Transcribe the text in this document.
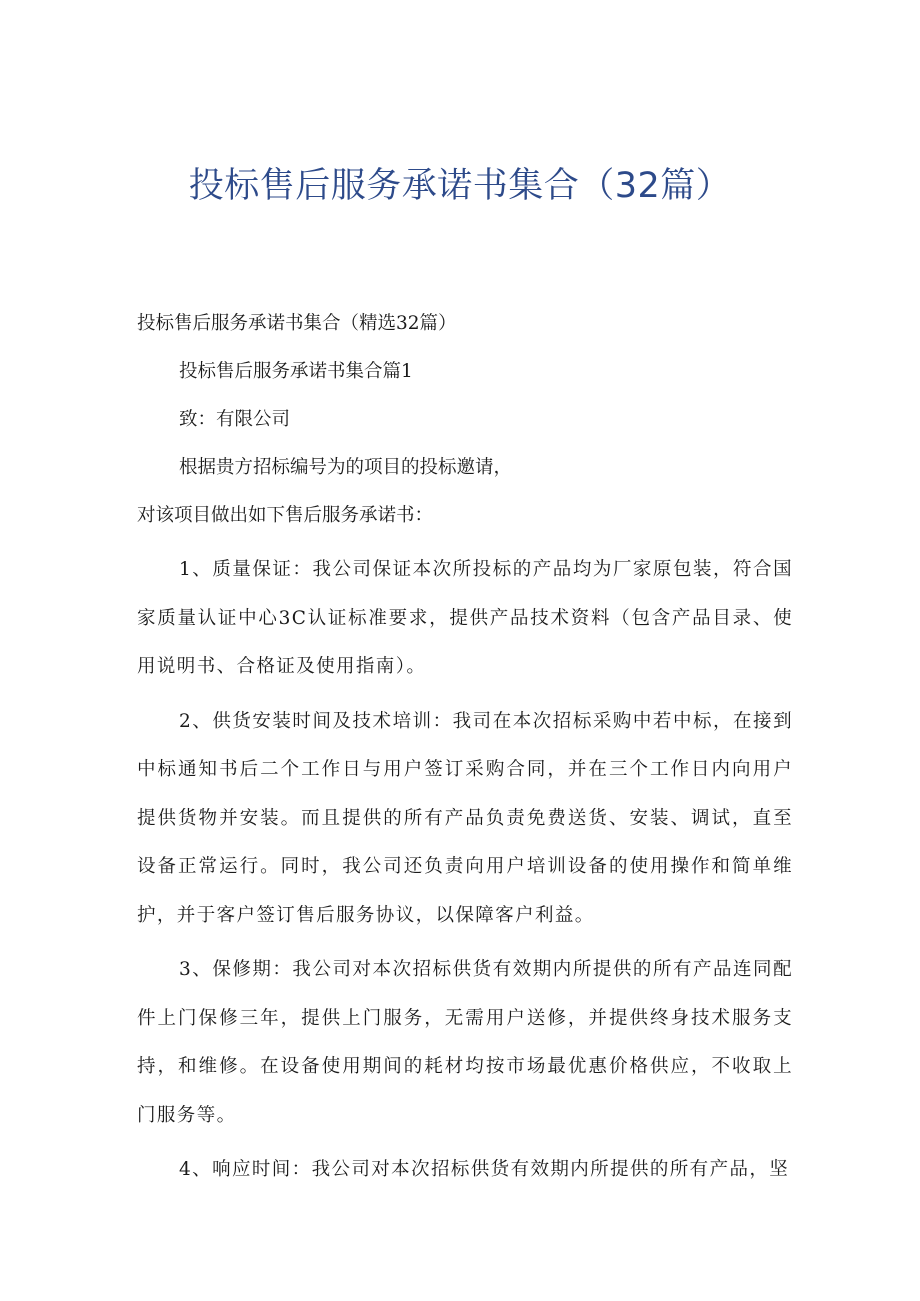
投标售后服务承诺书集合（32篇）

投标售后服务承诺书集合（精选32篇）

投标售后服务承诺书集合篇1

致：有限公司

根据贵方招标编号为的项目的投标邀请，

对该项目做出如下售后服务承诺书：

1、质量保证：我公司保证本次所投标的产品均为厂家原包装，符合国家质量认证中心3C认证标准要求，提供产品技术资料（包含产品目录、使用说明书、合格证及使用指南）。

2、供货安装时间及技术培训：我司在本次招标采购中若中标，在接到中标通知书后二个工作日与用户签订采购合同，并在三个工作日内向用户提供货物并安装。而且提供的所有产品负责免费送货、安装、调试，直至设备正常运行。同时，我公司还负责向用户培训设备的使用操作和简单维护，并于客户签订售后服务协议，以保障客户利益。

3、保修期：我公司对本次招标供货有效期内所提供的所有产品连同配件上门保修三年，提供上门服务，无需用户送修，并提供终身技术服务支持，和维修。在设备使用期间的耗材均按市场最优惠价格供应，不收取上门服务等。

4、响应时间：我公司对本次招标供货有效期内所提供的所有产品，坚
